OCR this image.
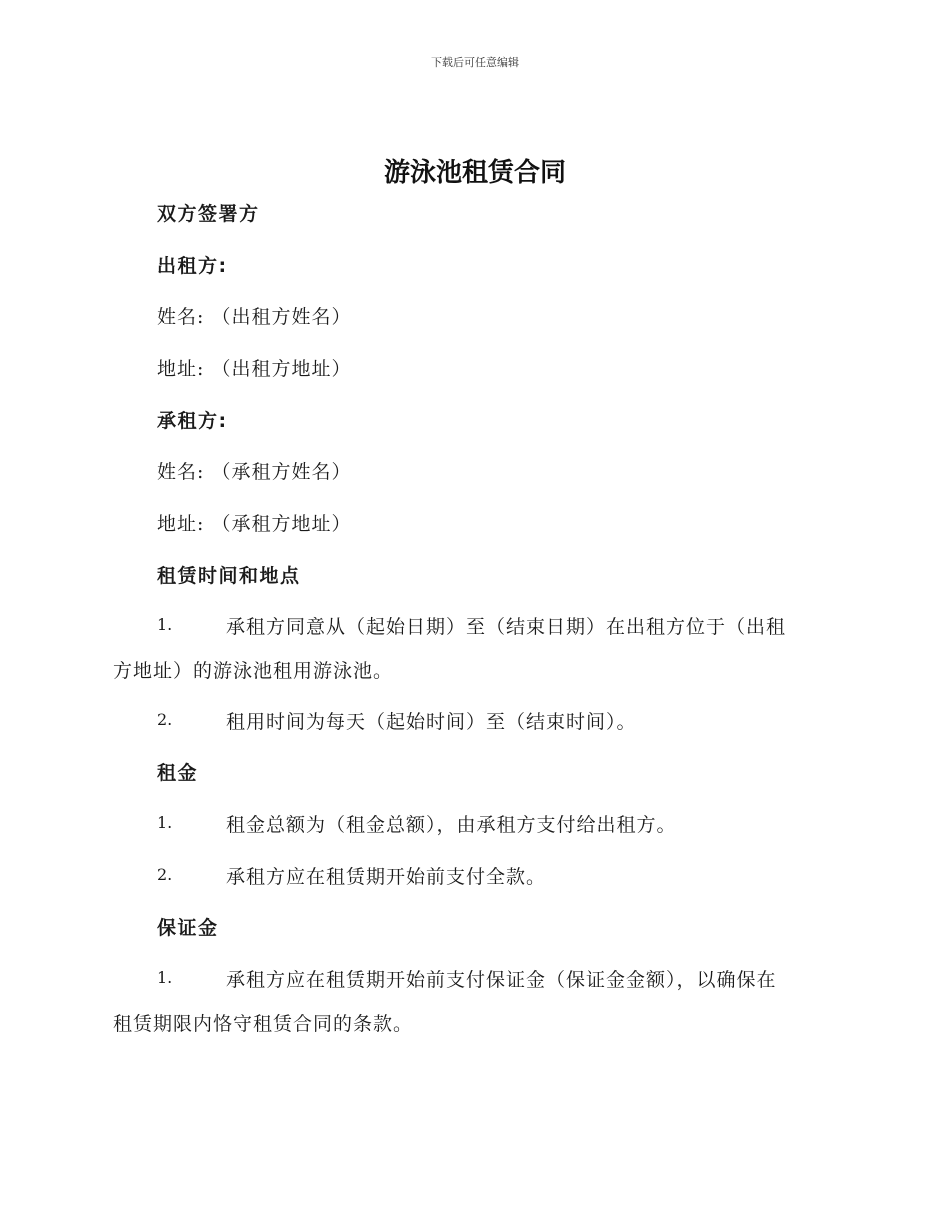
下载后可任意编辑
游泳池租赁合同
双方签署方
出租方:
姓名: （出租方姓名）
地址: （出租方地址）
承租方:
姓名: （承租方姓名）
地址: （承租方地址）
租赁时间和地点
1.	承租方同意从（起始日期）至（结束日期）在出租方位于（出租
方地址）的游泳池租用游泳池。
2.	租用时间为每天（起始时间）至（结束时间）。
租金
1.	租金总额为（租金总额），由承租方支付给出租方。
2.	承租方应在租赁期开始前支付全款。
保证金
1.	承租方应在租赁期开始前支付保证金（保证金金额），以确保在
租赁期限内恪守租赁合同的条款。
